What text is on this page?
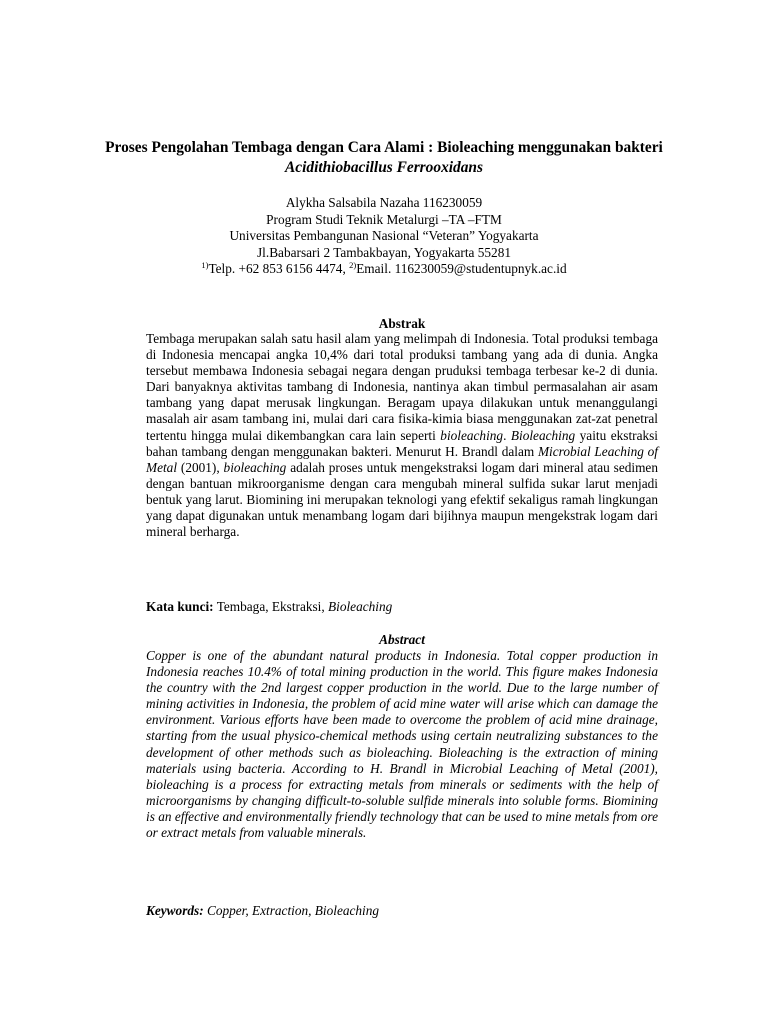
Proses Pengolahan Tembaga dengan Cara Alami : Bioleaching menggunakan bakteri Acidithiobacillus Ferrooxidans
Alykha Salsabila Nazaha 116230059
Program Studi Teknik Metalurgi –TA –FTM
Universitas Pembangunan Nasional “Veteran” Yogyakarta
Jl.Babarsari 2 Tambakbayan, Yogyakarta 55281
$^{1)}$Telp. +62 853 6156 4474, $^{2)}$Email. 116230059@studentupnyk.ac.id
Abstrak

Tembaga merupakan salah satu hasil alam yang melimpah di Indonesia. Total produksi tembaga di Indonesia mencapai angka 10,4% dari total produksi tambang yang ada di dunia. Angka tersebut membawa Indonesia sebagai negara dengan pruduksi tembaga terbesar ke-2 di dunia. Dari banyaknya aktivitas tambang di Indonesia, nantinya akan timbul permasalahan air asam tambang yang dapat merusak lingkungan. Beragam upaya dilakukan untuk menanggulangi masalah air asam tambang ini, mulai dari cara fisika-kimia biasa menggunakan zat-zat penetral tertentu hingga mulai dikembangkan cara lain seperti bioleaching. Bioleaching yaitu ekstraksi bahan tambang dengan menggunakan bakteri. Menurut H. Brandl dalam Microbial Leaching of Metal (2001), bioleaching adalah proses untuk mengekstraksi logam dari mineral atau sedimen dengan bantuan mikroorganisme dengan cara mengubah mineral sulfida sukar larut menjadi bentuk yang larut. Biomining ini merupakan teknologi yang efektif sekaligus ramah lingkungan yang dapat digunakan untuk menambang logam dari bijihnya maupun mengekstrak logam dari mineral berharga.

Kata kunci: Tembaga, Ekstraksi, Bioleaching

Abstract

Copper is one of the abundant natural products in Indonesia. Total copper production in Indonesia reaches 10.4% of total mining production in the world. This figure makes Indonesia the country with the 2nd largest copper production in the world. Due to the large number of mining activities in Indonesia, the problem of acid mine water will arise which can damage the environment. Various efforts have been made to overcome the problem of acid mine drainage, starting from the usual physico-chemical methods using certain neutralizing substances to the development of other methods such as bioleaching. Bioleaching is the extraction of mining materials using bacteria. According to H. Brandl in Microbial Leaching of Metal (2001), bioleaching is a process for extracting metals from minerals or sediments with the help of microorganisms by changing difficult-to-soluble sulfide minerals into soluble forms. Biomining is an effective and environmentally friendly technology that can be used to mine metals from ore or extract metals from valuable minerals.

Keywords: Copper, Extraction, Bioleaching
